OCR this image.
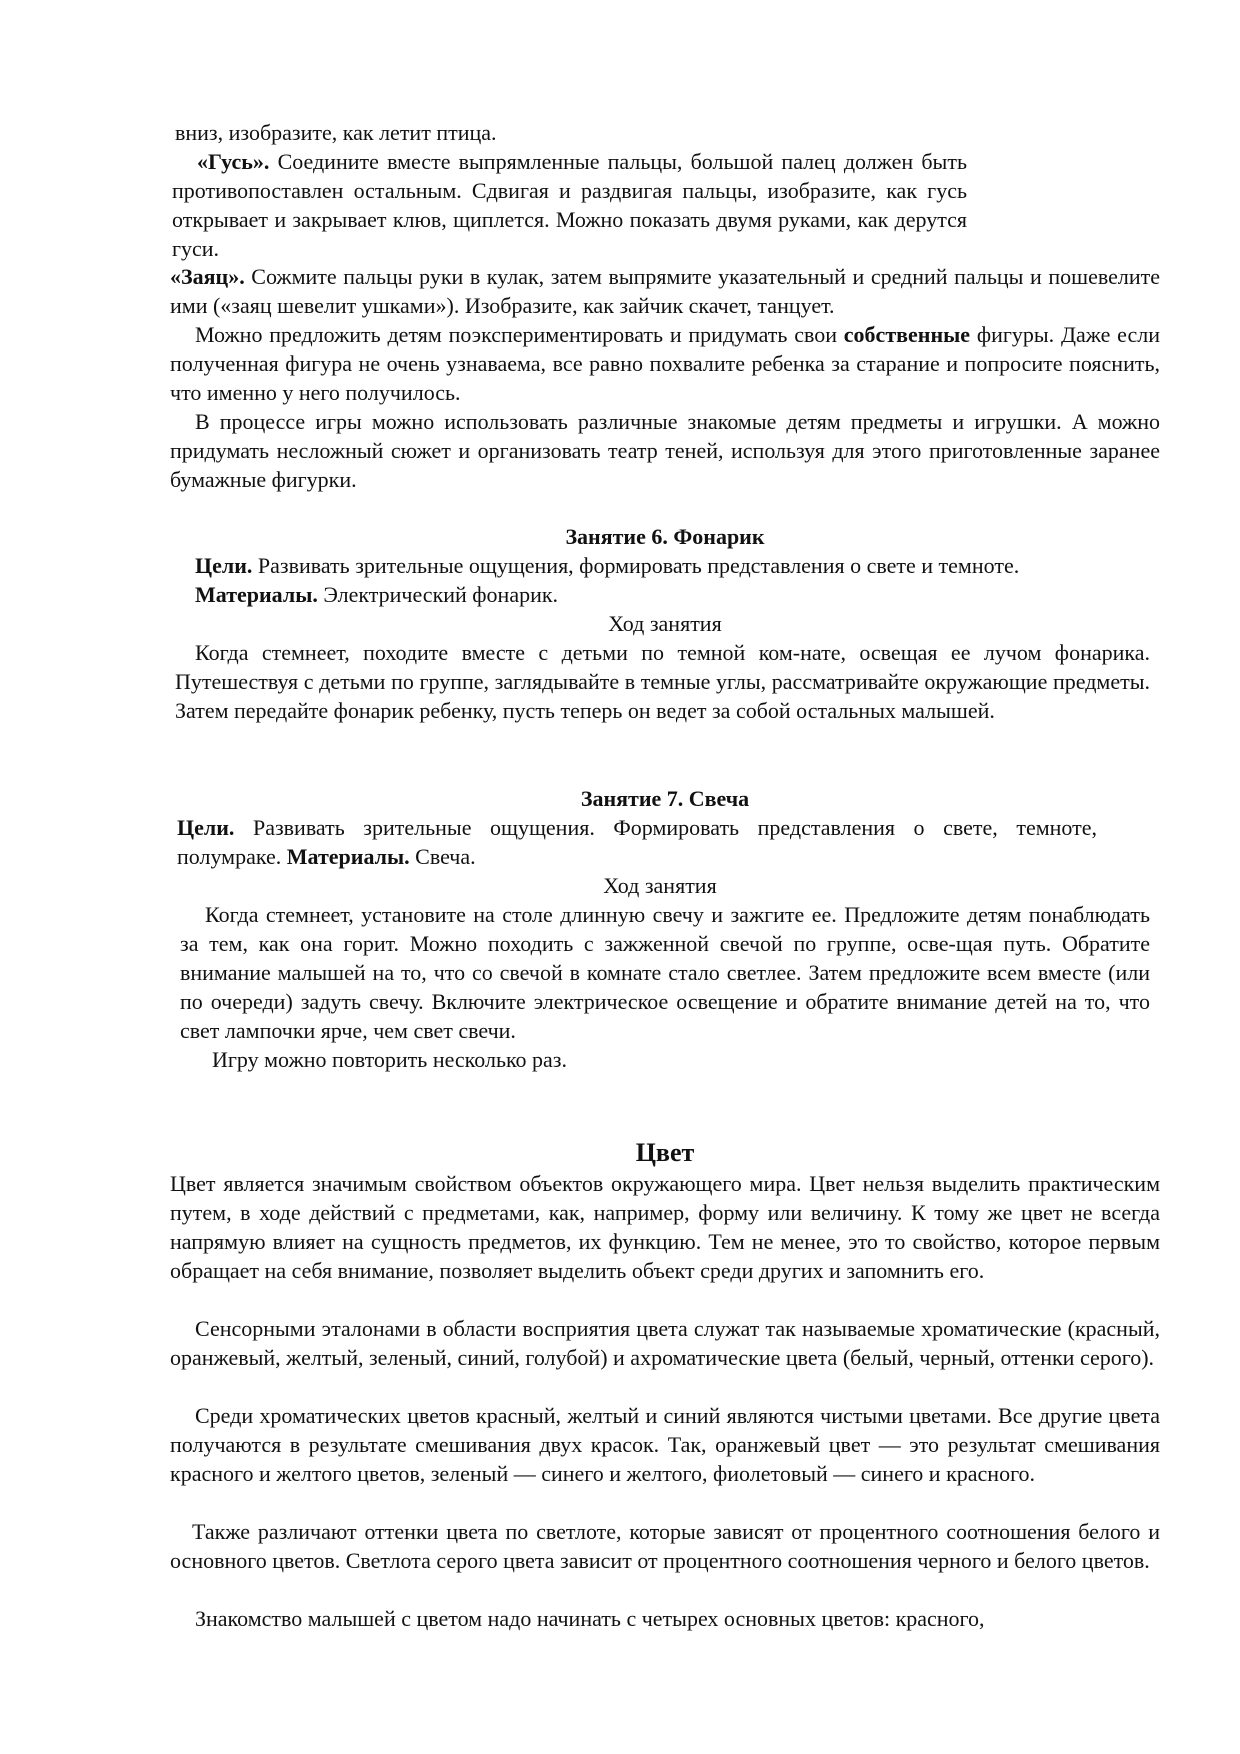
вниз, изобразите, как летит птица.

«Гусь». Соедините вместе выпрямленные пальцы, большой палец должен быть противопоставлен остальным. Сдвигая и раздвигая пальцы, изобразите, как гусь открывает и закрывает клюв, щиплется. Можно показать двумя руками, как дерутся гуси.

«Заяц». Сожмите пальцы руки в кулак, затем выпрямите указательный и средний пальцы и пошевелите ими («заяц шевелит ушками»). Изобразите, как зайчик скачет, танцует.

Можно предложить детям поэкспериментировать и придумать свои собственные фигуры. Даже если полученная фигура не очень узнаваема, все равно похвалите ребенка за старание и попросите пояснить, что именно у него получилось.

В процессе игры можно использовать различные знакомые детям предметы и игрушки. А можно придумать несложный сюжет и организовать театр теней, используя для этого приготовленные заранее бумажные фигурки.

Занятие 6. Фонарик

Цели. Развивать зрительные ощущения, формировать представления о свете и темноте.

Материалы. Электрический фонарик.

Ход занятия

Когда стемнеет, походите вместе с детьми по темной ком-нате, освещая ее лучом фонарика. Путешествуя с детьми по группе, заглядывайте в темные углы, рассматривайте окружающие предметы. Затем передайте фонарик ребенку, пусть теперь он ведет за собой остальных малышей.

Занятие 7. Свеча

Цели. Развивать зрительные ощущения. Формировать представления о свете, темноте, полумраке. Материалы. Свеча.

Ход занятия

Когда стемнеет, установите на столе длинную свечу и зажгите ее. Предложите детям понаблюдать за тем, как она горит. Можно походить с зажженной свечой по группе, осве-щая путь. Обратите внимание малышей на то, что со свечой в комнате стало светлее. Затем предложите всем вместе (или по очереди) задуть свечу. Включите электрическое освещение и обратите внимание детей на то, что свет лампочки ярче, чем свет свечи.

Игру можно повторить несколько раз.

Цвет

Цвет является значимым свойством объектов окружающего мира. Цвет нельзя выделить практическим путем, в ходе действий с предметами, как, например, форму или величину. К тому же цвет не всегда напрямую влияет на сущность предметов, их функцию. Тем не менее, это то свойство, которое первым обращает на себя внимание, позволяет выделить объект среди других и запомнить его.

Сенсорными эталонами в области восприятия цвета служат так называемые хроматические (красный, оранжевый, желтый, зеленый, синий, голубой) и ахроматические цвета (белый, черный, оттенки серого).

Среди хроматических цветов красный, желтый и синий являются чистыми цветами. Все другие цвета получаются в результате смешивания двух красок. Так, оранжевый цвет — это результат смешивания красного и желтого цветов, зеленый — синего и желтого, фиолетовый — синего и красного.

Также различают оттенки цвета по светлоте, которые зависят от процентного соотношения белого и основного цветов. Светлота серого цвета зависит от процентного соотношения черного и белого цветов.

Знакомство малышей с цветом надо начинать с четырех основных цветов: красного,
